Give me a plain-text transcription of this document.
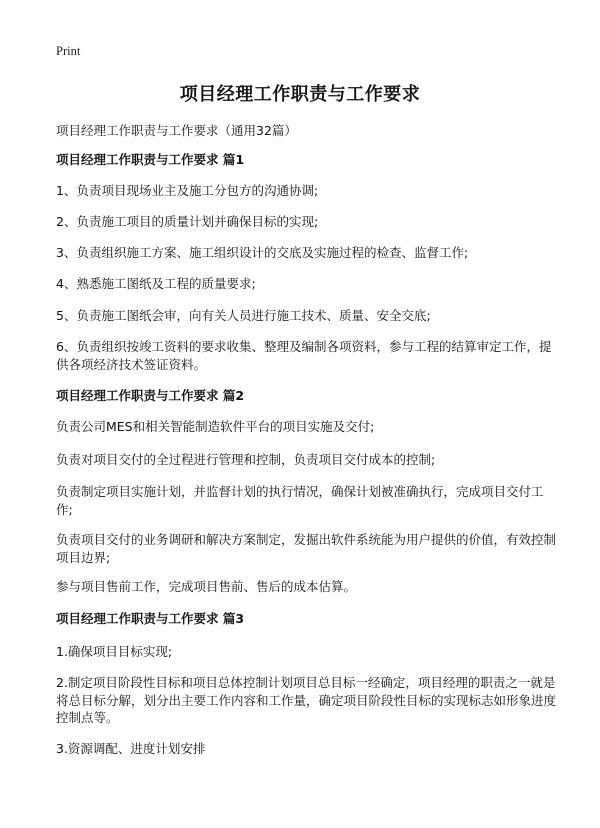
Print
项目经理工作职责与工作要求

项目经理工作职责与工作要求（通用32篇）

项目经理工作职责与工作要求 篇1

1、负责项目现场业主及施工分包方的沟通协调;

2、负责施工项目的质量计划并确保目标的实现;

3、负责组织施工方案、施工组织设计的交底及实施过程的检查、监督工作;

4、熟悉施工图纸及工程的质量要求;

5、负责施工图纸会审，向有关人员进行施工技术、质量、安全交底;

6、负责组织按竣工资料的要求收集、整理及编制各项资料，参与工程的结算审定工作，提供各项经济技术签证资料。

项目经理工作职责与工作要求 篇2

负责公司MES和相关智能制造软件平台的项目实施及交付;

负责对项目交付的全过程进行管理和控制，负责项目交付成本的控制;

负责制定项目实施计划，并监督计划的执行情况，确保计划被准确执行，完成项目交付工作;

负责项目交付的业务调研和解决方案制定，发掘出软件系统能为用户提供的价值，有效控制项目边界;

参与项目售前工作，完成项目售前、售后的成本估算。

项目经理工作职责与工作要求 篇3

1.确保项目目标实现;

2.制定项目阶段性目标和项目总体控制计划项目总目标一经确定，项目经理的职责之一就是将总目标分解，划分出主要工作内容和工作量，确定项目阶段性目标的实现标志如形象进度控制点等。

3.资源调配、进度计划安排
